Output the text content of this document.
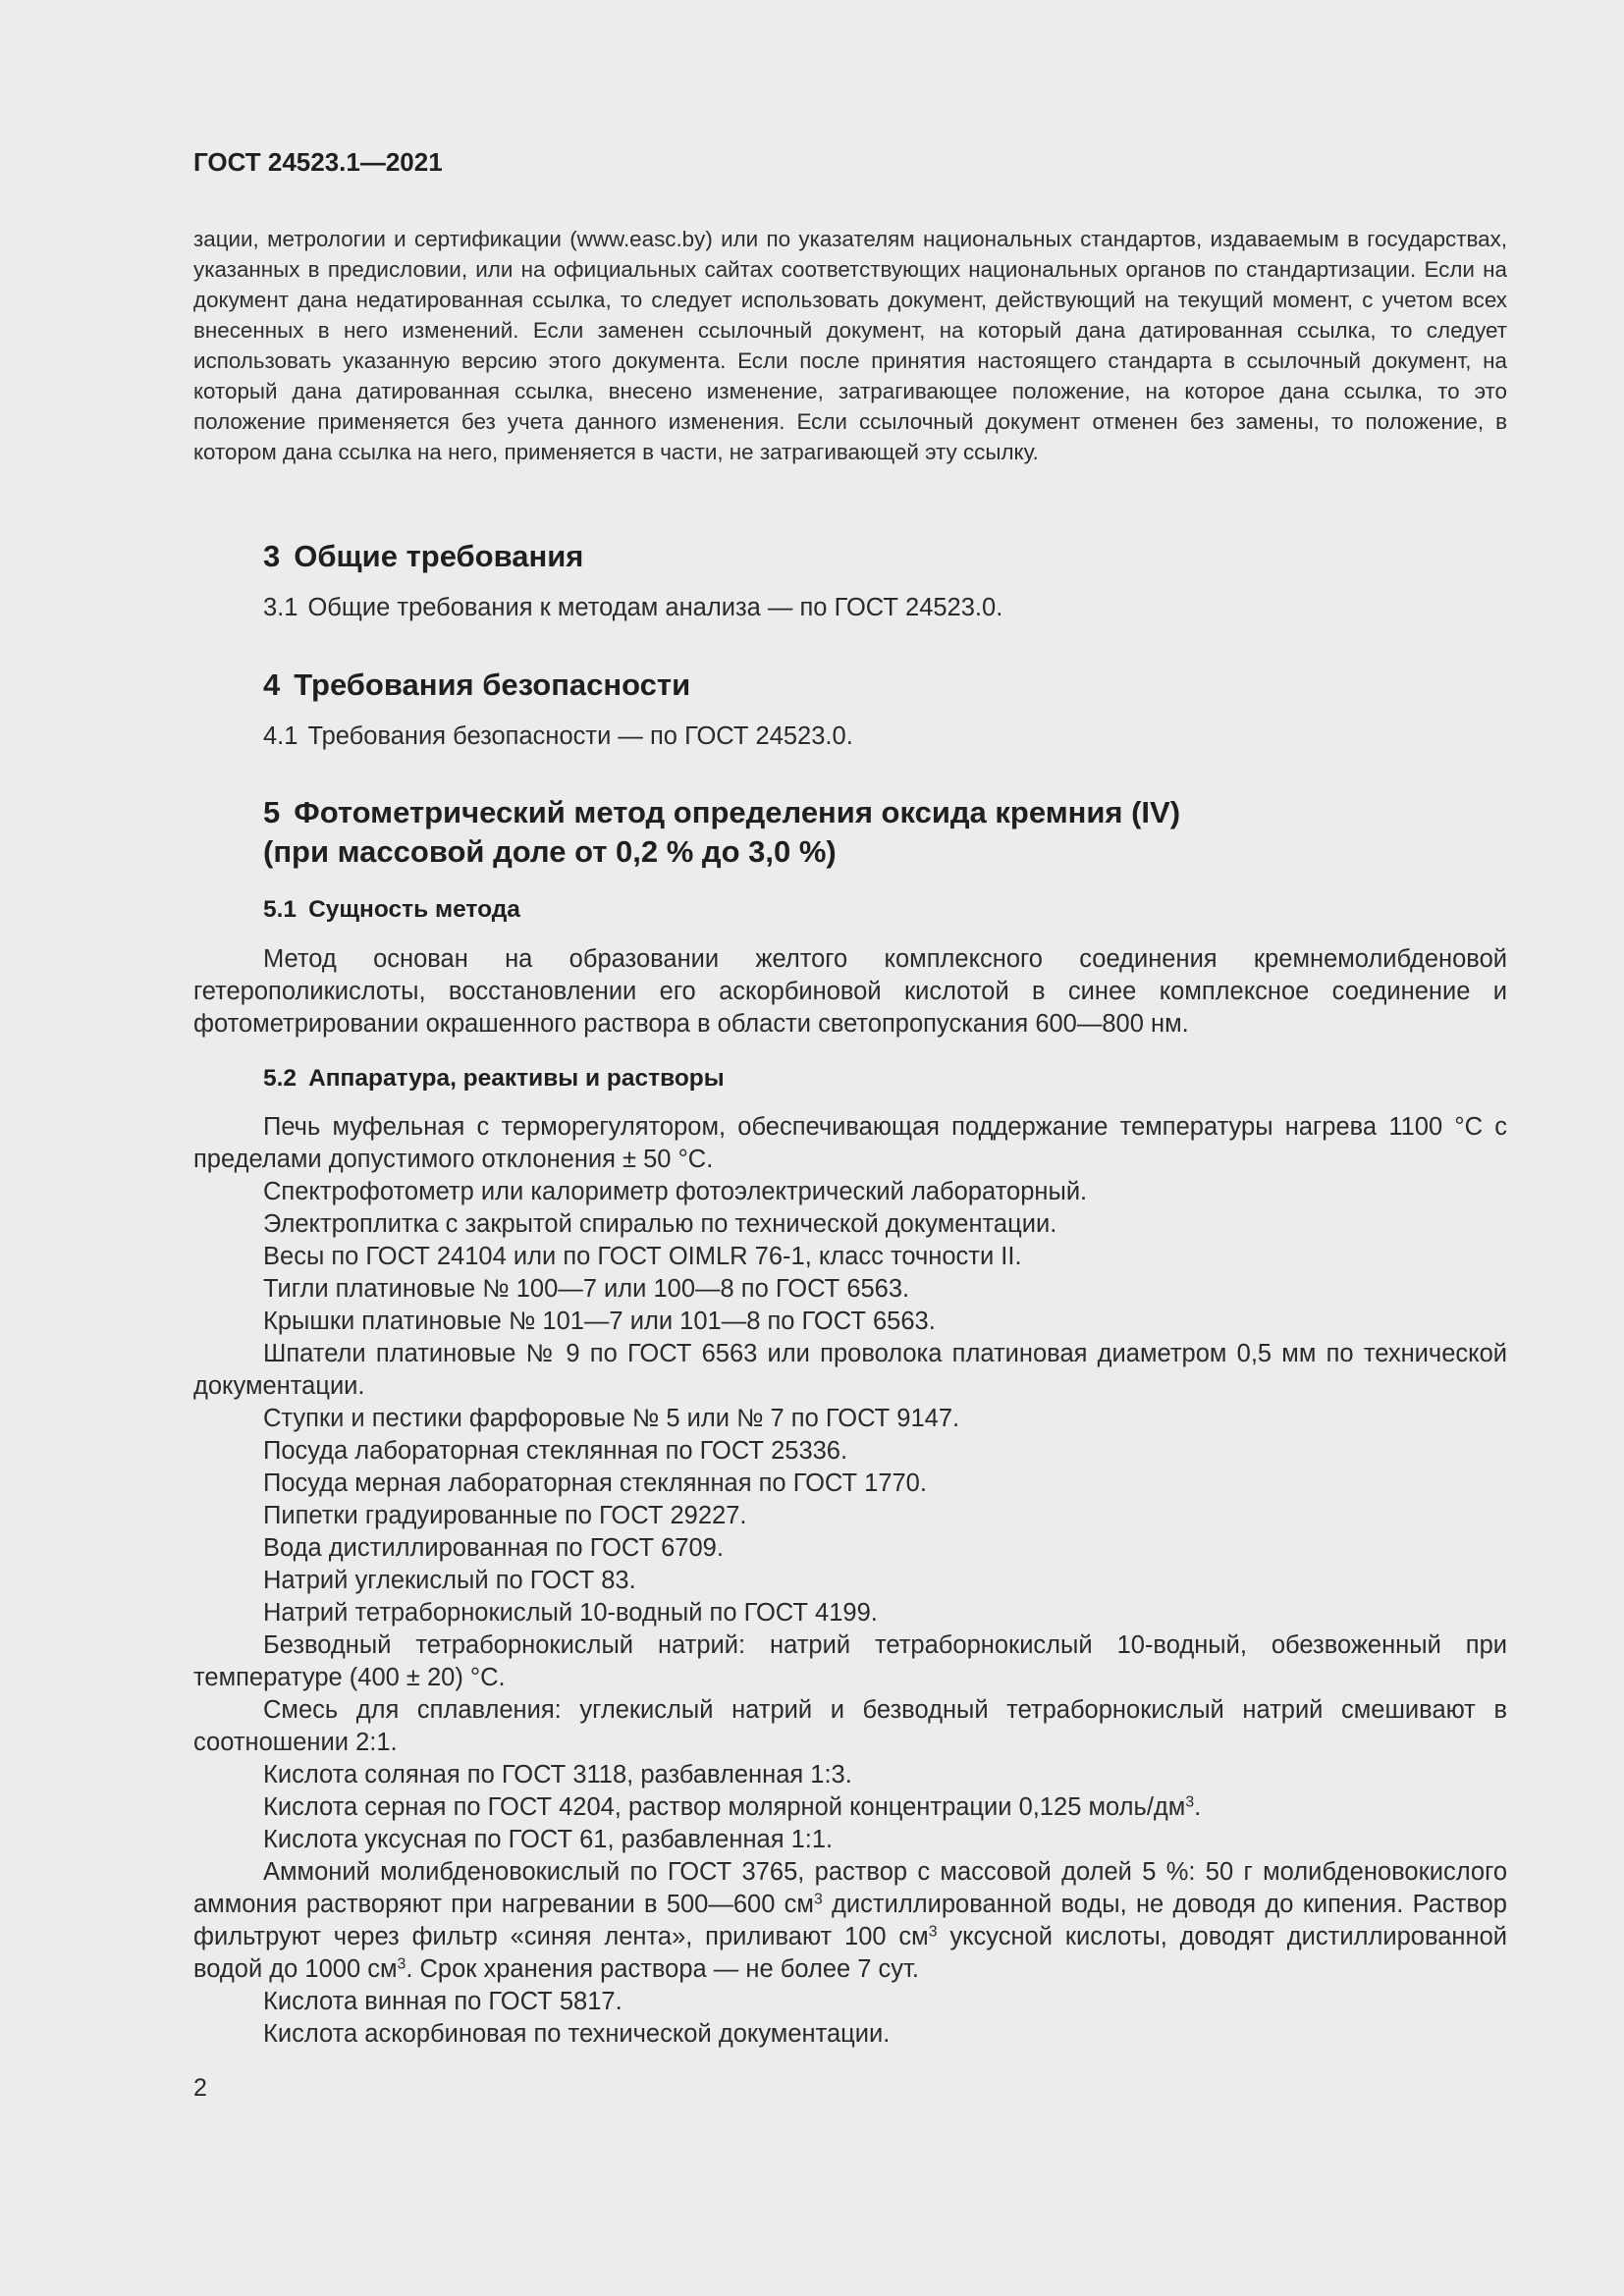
ГОСТ 24523.1—2021

зации, метрологии и сертификации (www.easc.by) или по указателям национальных стандартов, издаваемым в государствах, указанных в предисловии, или на официальных сайтах соответствующих национальных органов по стандартизации. Если на документ дана недатированная ссылка, то следует использовать документ, действующий на текущий момент, с учетом всех внесенных в него изменений. Если заменен ссылочный документ, на который дана датированная ссылка, то следует использовать указанную версию этого документа. Если после принятия настоящего стандарта в ссылочный документ, на который дана датированная ссылка, внесено изменение, затрагивающее положение, на которое дана ссылка, то это положение применяется без учета данного изменения. Если ссылочный документ отменен без замены, то положение, в котором дана ссылка на него, применяется в части, не затрагивающей эту ссылку.

3 Общие требования
3.1 Общие требования к методам анализа — по ГОСТ 24523.0.
4 Требования безопасности
4.1 Требования безопасности — по ГОСТ 24523.0.
5 Фотометрический метод определения оксида кремния (IV)
(при массовой доле от 0,2 % до 3,0 %)
5.1 Сущность метода

Метод основан на образовании желтого комплексного соединения кремнемолибденовой гетерополикислоты, восстановлении его аскорбиновой кислотой в синее комплексное соединение и фотометрировании окрашенного раствора в области светопропускания 600—800 нм.

5.2 Аппаратура, реактивы и растворы

Печь муфельная с терморегулятором, обеспечивающая поддержание температуры нагрева 1100 °С с пределами допустимого отклонения ± 50 °С.

Спектрофотометр или калориметр фотоэлектрический лабораторный.

Электроплитка с закрытой спиралью по технической документации.

Весы по ГОСТ 24104 или по ГОСТ OIMLR 76-1, класс точности II.

Тигли платиновые № 100—7 или 100—8 по ГОСТ 6563.

Крышки платиновые № 101—7 или 101—8 по ГОСТ 6563.

Шпатели платиновые № 9 по ГОСТ 6563 или проволока платиновая диаметром 0,5 мм по технической документации.

Ступки и пестики фарфоровые № 5 или № 7 по ГОСТ 9147.

Посуда лабораторная стеклянная по ГОСТ 25336.

Посуда мерная лабораторная стеклянная по ГОСТ 1770.

Пипетки градуированные по ГОСТ 29227.

Вода дистиллированная по ГОСТ 6709.

Натрий углекислый по ГОСТ 83.

Натрий тетраборнокислый 10-водный по ГОСТ 4199.

Безводный тетраборнокислый натрий: натрий тетраборнокислый 10-водный, обезвоженный при температуре (400 ± 20) °С.

Смесь для сплавления: углекислый натрий и безводный тетраборнокислый натрий смешивают в соотношении 2:1.

Кислота соляная по ГОСТ 3118, разбавленная 1:3.

Кислота серная по ГОСТ 4204, раствор молярной концентрации 0,125 моль/$дм^3$.

Кислота уксусная по ГОСТ 61, разбавленная 1:1.

Аммоний молибденовокислый по ГОСТ 3765, раствор с массовой долей 5 %: 50 г молибденовокислого аммония растворяют при нагревании в 500—600 $см^3$ дистиллированной воды, не доводя до кипения. Раствор фильтруют через фильтр «синяя лента», приливают 100 $см^3$ уксусной кислоты, доводят дистиллированной водой до 1000 $см^3$. Срок хранения раствора — не более 7 сут.

Кислота винная по ГОСТ 5817.

Кислота аскорбиновая по технической документации.

2
